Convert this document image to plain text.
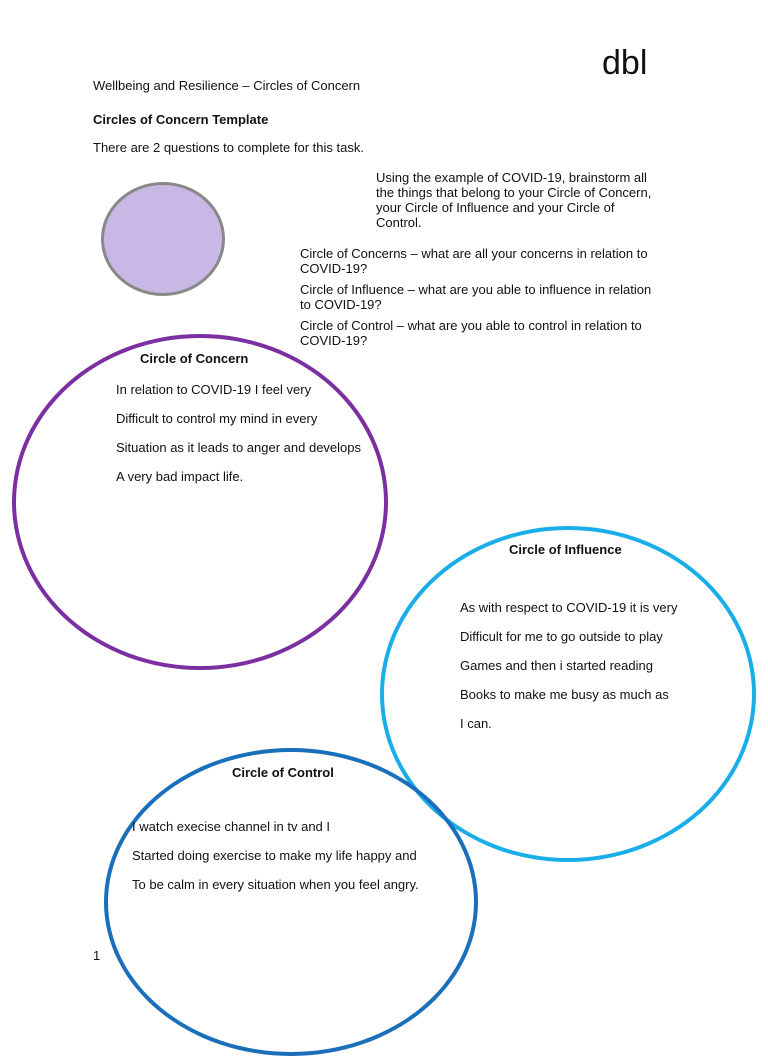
Wellbeing and Resilience – Circles of Concern
dbl
Circles of Concern Template
There are 2 questions to complete for this task.
Using the example of COVID-19, brainstorm all the things that belong to your Circle of Concern, your Circle of Influence and your Circle of Control.
Circle of Concerns – what are all your concerns in relation to COVID-19?
Circle of Influence – what are you able to influence in relation to COVID-19?
Circle of Control – what are you able to control in relation to COVID-19?
Circle of Concern

In relation to COVID-19 I feel very

Difficult to control my mind in every

Situation as it leads to anger and develops

A very bad impact life.

Circle of Influence

As with respect to COVID-19 it is very

Difficult for me to go outside to play

Games and then i started reading

Books to make me busy as much as

I can.

Circle of Control

I watch execise channel in tv and I

Started doing exercise to make my life happy and

To be calm in every situation when you feel angry.

1
